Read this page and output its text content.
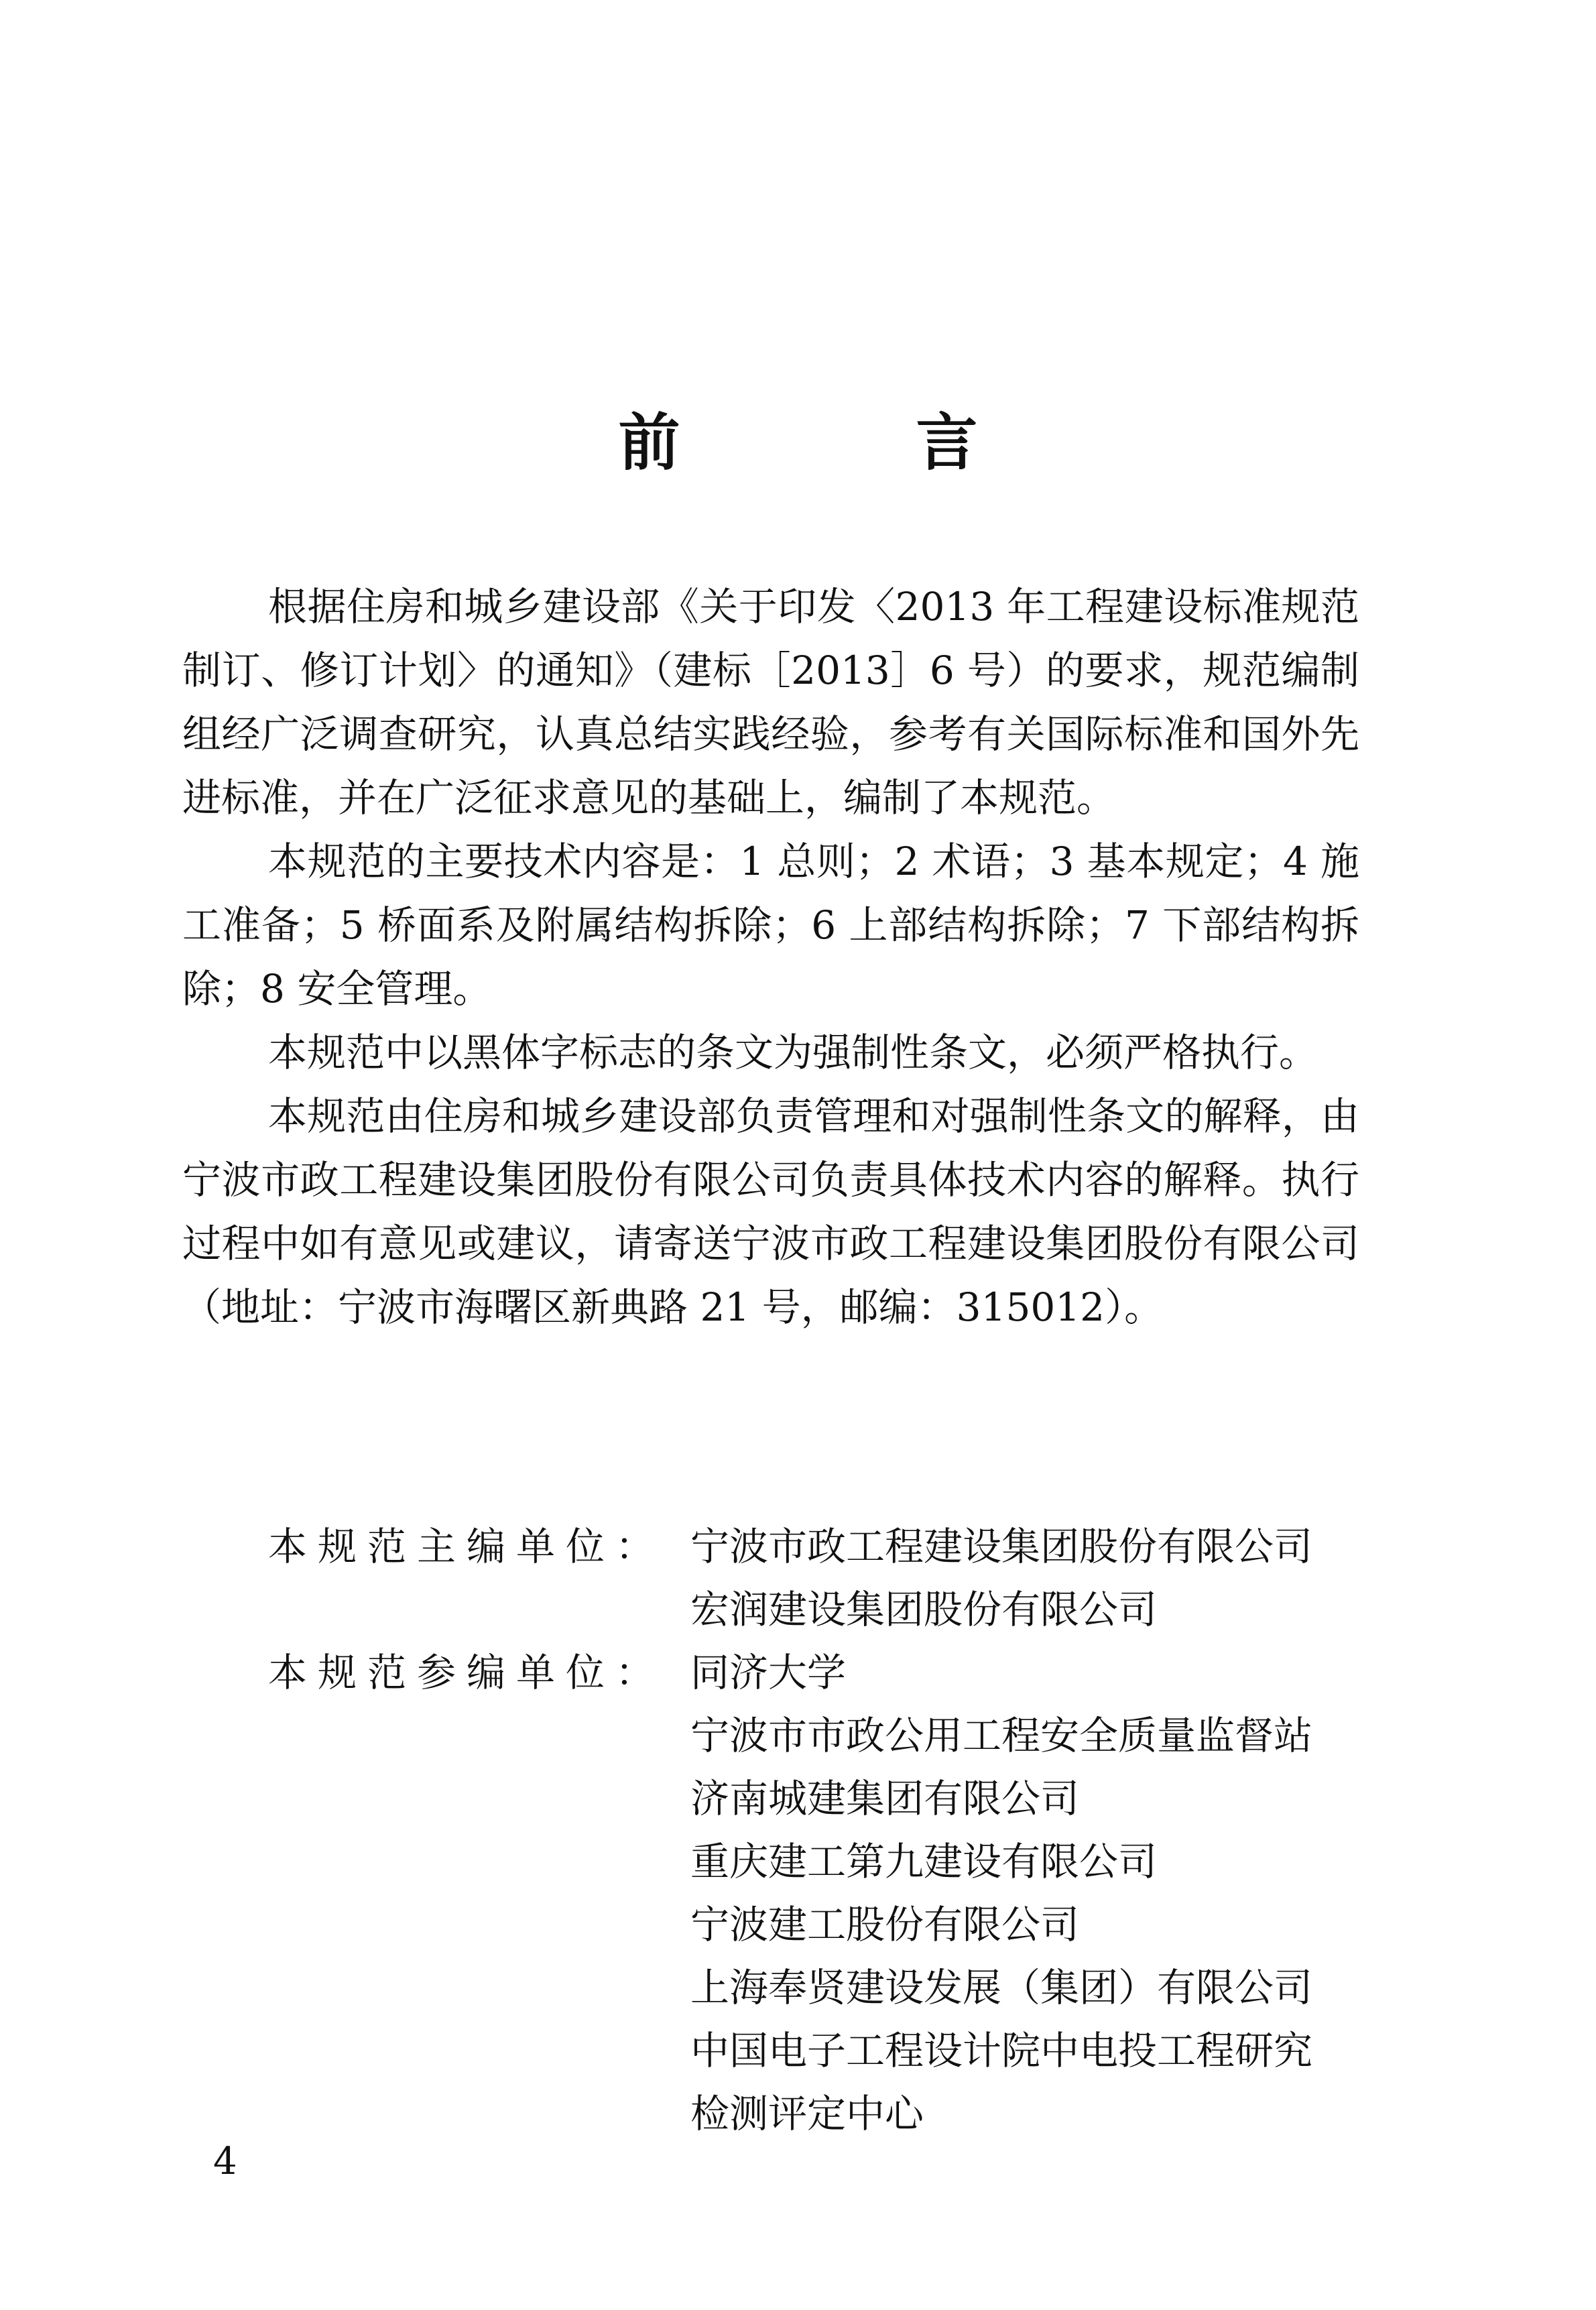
前 言

根据住房和城乡建设部《关于印发〈2013 年工程建设标准规范制订、修订计划〉的通知》（建标［2013］6 号）的要求，规范编制组经广泛调查研究，认真总结实践经验，参考有关国际标准和国外先进标准，并在广泛征求意见的基础上，编制了本规范。

本规范的主要技术内容是：1 总则；2 术语；3 基本规定；4 施工准备；5 桥面系及附属结构拆除；6 上部结构拆除；7 下部结构拆除；8 安全管理。

本规范中以黑体字标志的条文为强制性条文，必须严格执行。

本规范由住房和城乡建设部负责管理和对强制性条文的解释，由宁波市政工程建设集团股份有限公司负责具体技术内容的解释。执行过程中如有意见或建议，请寄送宁波市政工程建设集团股份有限公司（地址：宁波市海曙区新典路 21 号，邮编：315012）。

本规范主编单位： 宁波市政工程建设集团股份有限公司
宏润建设集团股份有限公司
本规范参编单位： 同济大学
宁波市市政公用工程安全质量监督站
济南城建集团有限公司
重庆建工第九建设有限公司
宁波建工股份有限公司
上海奉贤建设发展（集团）有限公司
中国电子工程设计院中电投工程研究
检测评定中心
4
